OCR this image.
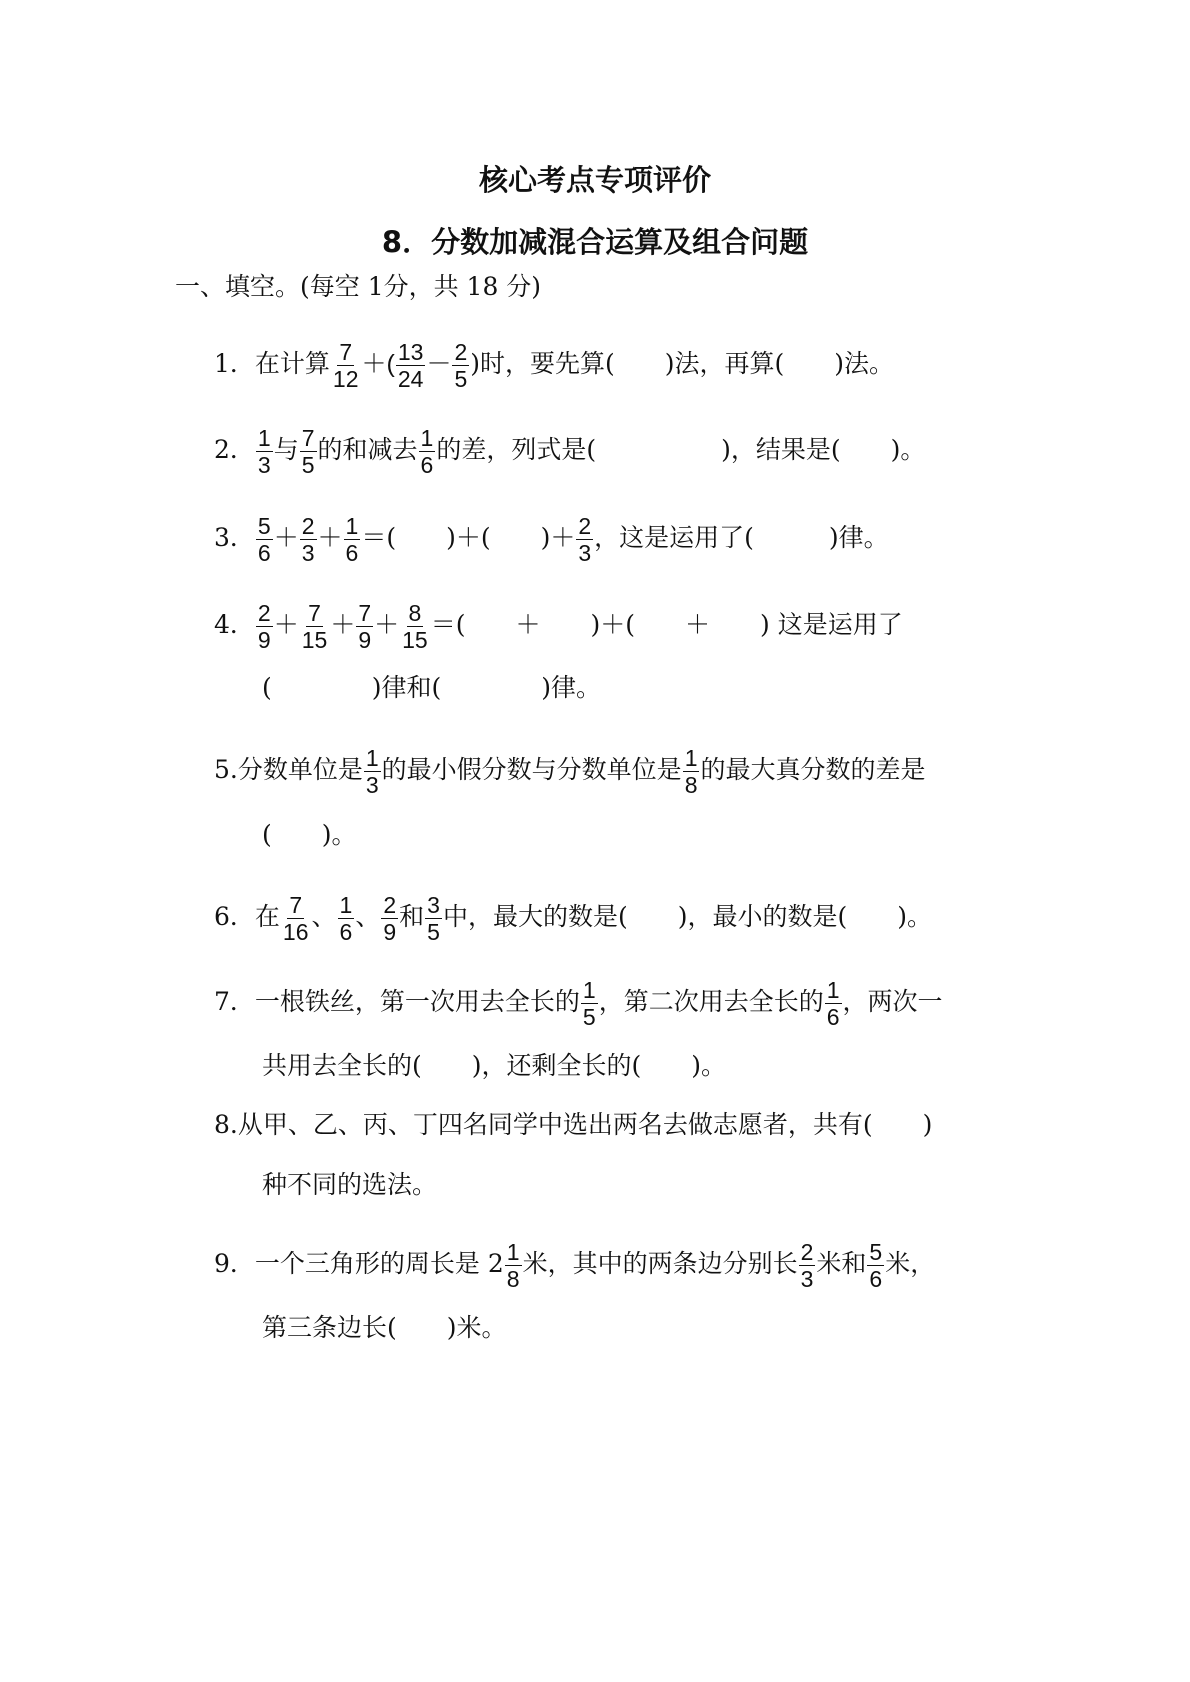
核心考点专项评价
8．分数加减混合运算及组合问题
一、填空。(每空 1分，共 18 分)
1．在计算 $\frac{7}{12}$ ＋( $\frac{13}{24} - \frac{2}{5}$ )时，要先算(　　)法，再算(　　)法。
2． $\frac{1}{3}$ 与 $\frac{7}{5}$ 的和减去 $\frac{1}{6}$ 的差，列式是(　　　　　)，结果是(　　)。
3． $\frac{5}{6} + \frac{2}{3} + \frac{1}{6}$ ＝(　　)＋(　　)＋ $\frac{2}{3}$ ，这是运用了(　　　)律。
4． $\frac{2}{9} + \frac{7}{15} + \frac{7}{9} + \frac{8}{15}$ ＝(　　＋　　)＋(　　＋　　) 这是运用了
(　　　　)律和(　　　　)律。
5.分数单位是 $\frac{1}{3}$ 的最小假分数与分数单位是 $\frac{1}{8}$ 的最大真分数的差是
(　　)。
6．在 $\frac{7}{16}$ 、 $\frac{1}{6}$ 、 $\frac{2}{9}$ 和 $\frac{3}{5}$ 中，最大的数是(　　)，最小的数是(　　)。
7．一根铁丝，第一次用去全长的 $\frac{1}{5}$ ，第二次用去全长的 $\frac{1}{6}$ ，两次一
共用去全长的(　　)，还剩全长的(　　)。
8.从甲、乙、丙、丁四名同学中选出两名去做志愿者，共有(　　)
种不同的选法。
9．一个三角形的周长是 $2 \frac{1}{8}$ 米，其中的两条边分别长 $\frac{2}{3}$ 米和 $\frac{5}{6}$ 米，
第三条边长(　　)米。
